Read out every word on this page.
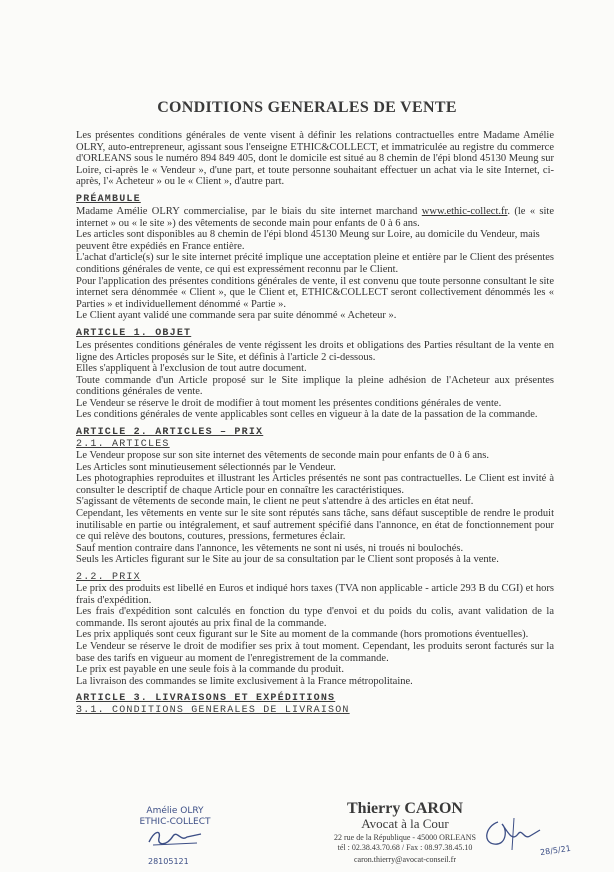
CONDITIONS GENERALES DE VENTE

Les présentes conditions générales de vente visent à définir les relations contractuelles entre Madame Amélie OLRY, auto-entrepreneur, agissant sous l'enseigne ETHIC&COLLECT, et immatriculée au registre du commerce d'ORLEANS sous le numéro 894 849 405, dont le domicile est situé au 8 chemin de l'épi blond 45130 Meung sur Loire, ci-après le « Vendeur », d'une part, et toute personne souhaitant effectuer un achat via le site Internet, ci-après, l'« Acheteur » ou le « Client », d'autre part.

PRÉAMBULE

Madame Amélie OLRY commercialise, par le biais du site internet marchand www.ethic-collect.fr. (le « site internet » ou « le site ») des vêtements de seconde main pour enfants de 0 à 6 ans.

Les articles sont disponibles au 8 chemin de l'épi blond 45130 Meung sur Loire, au domicile du Vendeur, mais peuvent être expédiés en France entière.

L'achat d'article(s) sur le site internet précité implique une acceptation pleine et entière par le Client des présentes conditions générales de vente, ce qui est expressément reconnu par le Client.

Pour l'application des présentes conditions générales de vente, il est convenu que toute personne consultant le site internet sera dénommée « Client », que le Client et, ETHIC&COLLECT seront collectivement dénommés les « Parties » et individuellement dénommé « Partie ».

Le Client ayant validé une commande sera par suite dénommé « Acheteur ».

ARTICLE 1. OBJET

Les présentes conditions générales de vente régissent les droits et obligations des Parties résultant de la vente en ligne des Articles proposés sur le Site, et définis à l'article 2 ci-dessous.

Elles s'appliquent à l'exclusion de tout autre document.

Toute commande d'un Article proposé sur le Site implique la pleine adhésion de l'Acheteur aux présentes conditions générales de vente.

Le Vendeur se réserve le droit de modifier à tout moment les présentes conditions générales de vente.

Les conditions générales de vente applicables sont celles en vigueur à la date de la passation de la commande.

ARTICLE 2. ARTICLES – PRIX
2.1. ARTICLES

Le Vendeur propose sur son site internet des vêtements de seconde main pour enfants de 0 à 6 ans.

Les Articles sont minutieusement sélectionnés par le Vendeur.

Les photographies reproduites et illustrant les Articles présentés ne sont pas contractuelles. Le Client est invité à consulter le descriptif de chaque Article pour en connaître les caractéristiques.

S'agissant de vêtements de seconde main, le client ne peut s'attendre à des articles en état neuf.

Cependant, les vêtements en vente sur le site sont réputés sans tâche, sans défaut susceptible de rendre le produit inutilisable en partie ou intégralement, et sauf autrement spécifié dans l'annonce, en état de fonctionnement pour ce qui relève des boutons, coutures, pressions, fermetures éclair.

Sauf mention contraire dans l'annonce, les vêtements ne sont ni usés, ni troués ni boulochés.

Seuls les Articles figurant sur le Site au jour de sa consultation par le Client sont proposés à la vente.

2.2. PRIX

Le prix des produits est libellé en Euros et indiqué hors taxes (TVA non applicable - article 293 B du CGI) et hors frais d'expédition.

Les frais d'expédition sont calculés en fonction du type d'envoi et du poids du colis, avant validation de la commande. Ils seront ajoutés au prix final de la commande.

Les prix appliqués sont ceux figurant sur le Site au moment de la commande (hors promotions éventuelles).

Le Vendeur se réserve le droit de modifier ses prix à tout moment. Cependant, les produits seront facturés sur la base des tarifs en vigueur au moment de l'enregistrement de la commande.

Le prix est payable en une seule fois à la commande du produit.

La livraison des commandes se limite exclusivement à la France métropolitaine.

ARTICLE 3. LIVRAISONS ET EXPÉDITIONS
3.1. CONDITIONS GENERALES DE LIVRAISON
Amélie OLRY
ETHIC-COLLECT
28105121
Thierry CARON
Avocat à la Cour
22 rue de la République - 45000 ORLEANS
tél : 02.38.43.70.68 / Fax : 08.97.38.45.10
caron.thierry@avocat-conseil.fr
28/5/21
